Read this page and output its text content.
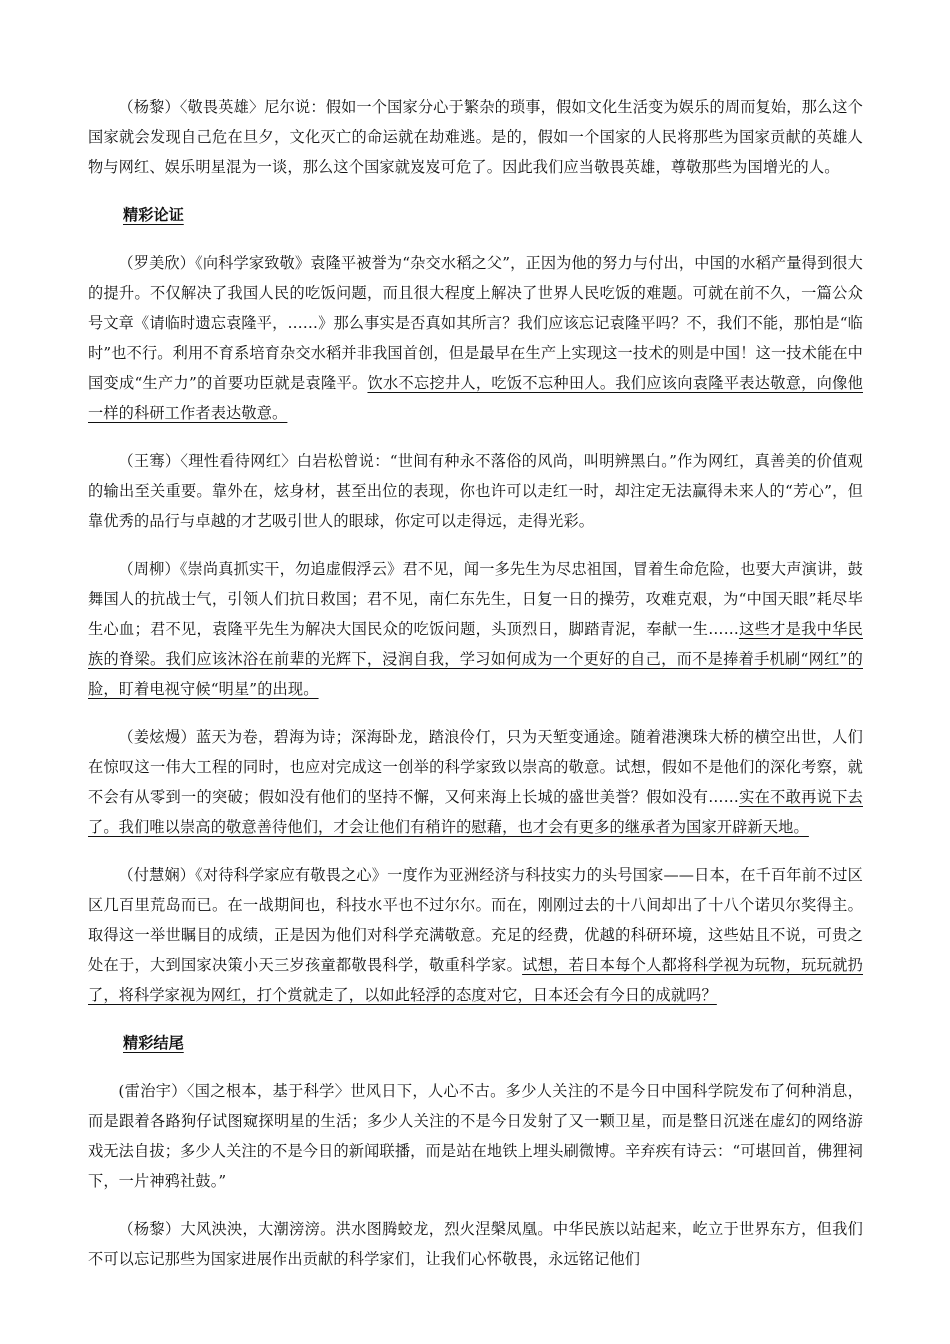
（杨黎）〈敬畏英雄〉尼尔说：假如一个国家分心于繁杂的琐事，假如文化生活变为娱乐的周而复始，那么这个国家就会发现自己危在旦夕，文化灭亡的命运就在劫难逃。是的，假如一个国家的人民将那些为国家贡献的英雄人物与网红、娱乐明星混为一谈，那么这个国家就岌岌可危了。因此我们应当敬畏英雄，尊敬那些为国增光的人。

精彩论证

（罗美欣）《向科学家致敬》袁隆平被誉为“杂交水稻之父”，正因为他的努力与付出，中国的水稻产量得到很大的提升。不仅解决了我国人民的吃饭问题，而且很大程度上解决了世界人民吃饭的难题。可就在前不久，一篇公众号文章《请临时遗忘袁隆平，……》那么事实是否真如其所言？我们应该忘记袁隆平吗？不，我们不能，那怕是“临时”也不行。利用不育系培育杂交水稻并非我国首创，但是最早在生产上实现这一技术的则是中国！这一技术能在中国变成“生产力”的首要功臣就是袁隆平。饮水不忘挖井人，吃饭不忘种田人。我们应该向袁隆平表达敬意，向像他一样的科研工作者表达敬意。

（王骞）〈理性看待网红〉白岩松曾说：“世间有种永不落俗的风尚，叫明辨黑白。”作为网红，真善美的价值观的输出至关重要。靠外在，炫身材，甚至出位的表现，你也许可以走红一时，却注定无法赢得未来人的“芳心”，但靠优秀的品行与卓越的才艺吸引世人的眼球，你定可以走得远，走得光彩。

（周柳）《崇尚真抓实干，勿追虚假浮云》君不见，闻一多先生为尽忠祖国，冒着生命危险，也要大声演讲，鼓舞国人的抗战士气，引领人们抗日救国；君不见，南仁东先生，日复一日的操劳，攻难克艰，为“中国天眼”耗尽毕生心血；君不见，袁隆平先生为解决大国民众的吃饭问题，头顶烈日，脚踏青泥，奉献一生……这些才是我中华民族的脊梁。我们应该沐浴在前辈的光辉下，浸润自我，学习如何成为一个更好的自己，而不是捧着手机刷“网红”的脸，盯着电视守候“明星”的出现。

（姜炫熳）蓝天为卷，碧海为诗；深海卧龙，踏浪伶仃，只为天堑变通途。随着港澳珠大桥的横空出世，人们在惊叹这一伟大工程的同时，也应对完成这一创举的科学家致以崇高的敬意。试想，假如不是他们的深化考察，就不会有从零到一的突破；假如没有他们的坚持不懈，又何来海上长城的盛世美誉？假如没有……实在不敢再说下去了。我们唯以崇高的敬意善待他们，才会让他们有稍许的慰藉，也才会有更多的继承者为国家开辟新天地。

（付慧娴）《对待科学家应有敬畏之心》一度作为亚洲经济与科技实力的头号国家——日本，在千百年前不过区区几百里荒岛而已。在一战期间也，科技水平也不过尔尔。而在，刚刚过去的十八间却出了十八个诺贝尔奖得主。取得这一举世瞩目的成绩，正是因为他们对科学充满敬意。充足的经费，优越的科研环境，这些姑且不说，可贵之处在于，大到国家决策小天三岁孩童都敬畏科学，敬重科学家。试想，若日本每个人都将科学视为玩物，玩玩就扔了，将科学家视为网红，打个赏就走了，以如此轻浮的态度对它，日本还会有今日的成就吗？

精彩结尾

(雷治宇）〈国之根本，基于科学〉世风日下，人心不古。多少人关注的不是今日中国科学院发布了何种消息，而是跟着各路狗仔试图窥探明星的生活；多少人关注的不是今日发射了又一颗卫星，而是整日沉迷在虚幻的网络游戏无法自拔；多少人关注的不是今日的新闻联播，而是站在地铁上埋头刷微博。辛弃疾有诗云：“可堪回首，佛狸祠下，一片神鸦社鼓。”

（杨黎）大风泱泱，大潮滂滂。洪水图腾蛟龙，烈火涅槃凤凰。中华民族以站起来，屹立于世界东方，但我们不可以忘记那些为国家进展作出贡献的科学家们，让我们心怀敬畏，永远铭记他们
